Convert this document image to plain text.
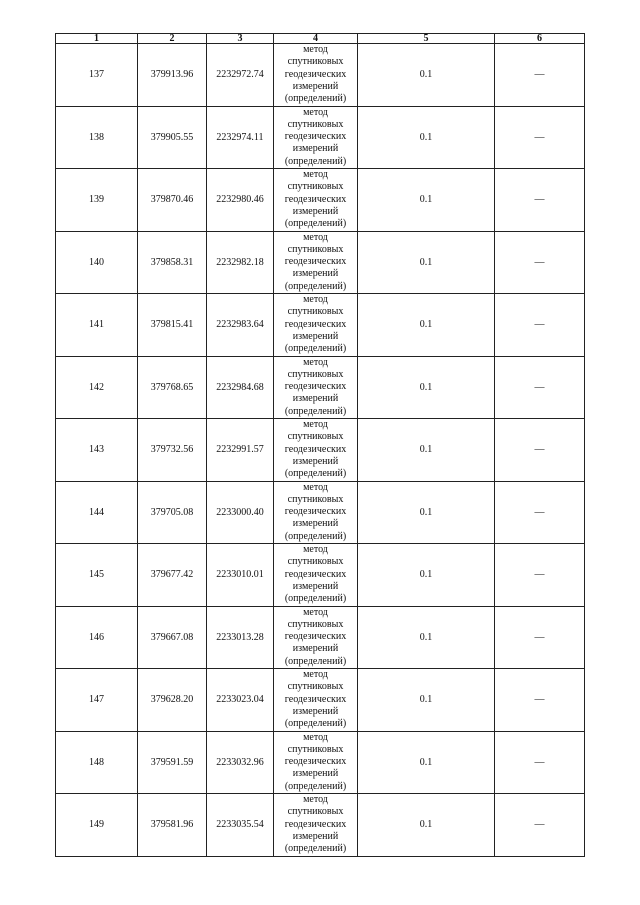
1	2	3	4	5	6
137	379913.96	2232972.74	метод
спутниковых
геодезических
измерений
(определений)	0.1	—
138	379905.55	2232974.11	метод
спутниковых
геодезических
измерений
(определений)	0.1	—
139	379870.46	2232980.46	метод
спутниковых
геодезических
измерений
(определений)	0.1	—
140	379858.31	2232982.18	метод
спутниковых
геодезических
измерений
(определений)	0.1	—
141	379815.41	2232983.64	метод
спутниковых
геодезических
измерений
(определений)	0.1	—
142	379768.65	2232984.68	метод
спутниковых
геодезических
измерений
(определений)	0.1	—
143	379732.56	2232991.57	метод
спутниковых
геодезических
измерений
(определений)	0.1	—
144	379705.08	2233000.40	метод
спутниковых
геодезических
измерений
(определений)	0.1	—
145	379677.42	2233010.01	метод
спутниковых
геодезических
измерений
(определений)	0.1	—
146	379667.08	2233013.28	метод
спутниковых
геодезических
измерений
(определений)	0.1	—
147	379628.20	2233023.04	метод
спутниковых
геодезических
измерений
(определений)	0.1	—
148	379591.59	2233032.96	метод
спутниковых
геодезических
измерений
(определений)	0.1	—
149	379581.96	2233035.54	метод
спутниковых
геодезических
измерений
(определений)	0.1	—
